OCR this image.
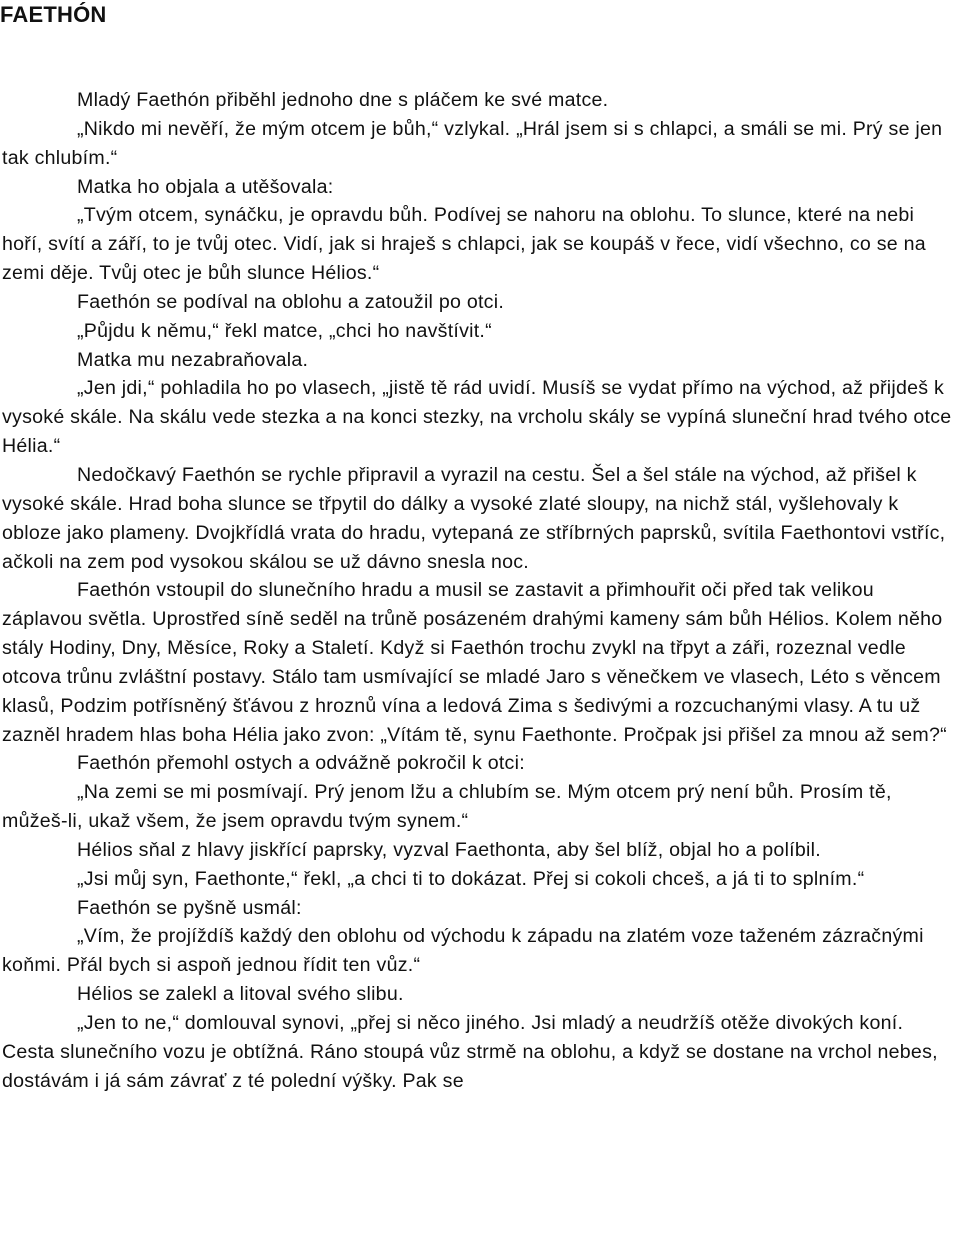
FAETHÓN

Mladý Faethón přiběhl jednoho dne s pláčem ke své matce.

„Nikdo mi nevěří, že mým otcem je bůh,“ vzlykal. „Hrál jsem si s chlapci, a smáli se mi. Prý se jen tak chlubím.“

Matka ho objala a utěšovala:

„Tvým otcem, synáčku, je opravdu bůh. Podívej se nahoru na oblohu. To slunce, které na nebi hoří, svítí a září, to je tvůj otec. Vidí, jak si hraješ s chlapci, jak se koupáš v řece, vidí všechno, co se na zemi děje. Tvůj otec je bůh slunce Hélios.“

Faethón se podíval na oblohu a zatoužil po otci.

„Půjdu k němu,“ řekl matce, „chci ho navštívit.“

Matka mu nezabraňovala.

„Jen jdi,“ pohladila ho po vlasech, „jistě tě rád uvidí. Musíš se vydat přímo na východ, až přijdeš k vysoké skále. Na skálu vede stezka a na konci stezky, na vrcholu skály se vypíná sluneční hrad tvého otce Hélia.“

Nedočkavý Faethón se rychle připravil a vyrazil na cestu. Šel a šel stále na východ, až přišel k vysoké skále. Hrad boha slunce se třpytil do dálky a vysoké zlaté sloupy, na nichž stál, vyšlehovaly k obloze jako plameny. Dvojkřídlá vrata do hradu, vytepaná ze stříbrných paprsků, svítila Faethontovi vstříc, ačkoli na zem pod vysokou skálou se už dávno snesla noc.

Faethón vstoupil do slunečního hradu a musil se zastavit a přimhouřit oči před tak velikou záplavou světla. Uprostřed síně seděl na trůně posázeném drahými kameny sám bůh Hélios. Kolem něho stály Hodiny, Dny, Měsíce, Roky a Staletí. Když si Faethón trochu zvykl na třpyt a záři, rozeznal vedle otcova trůnu zvláštní postavy. Stálo tam usmívající se mladé Jaro s věnečkem ve vlasech, Léto s věncem klasů, Podzim potřísněný šťávou z hroznů vína a ledová Zima s šedivými a rozcuchanými vlasy. A tu už zazněl hradem hlas boha Hélia jako zvon: „Vítám tě, synu Faethonte. Pročpak jsi přišel za mnou až sem?“

Faethón přemohl ostych a odvážně pokročil k otci:

„Na zemi se mi posmívají. Prý jenom lžu a chlubím se. Mým otcem prý není bůh. Prosím tě, můžeš-li, ukaž všem, že jsem opravdu tvým synem.“

Hélios sňal z hlavy jiskřící paprsky, vyzval Faethonta, aby šel blíž, objal ho a políbil.

„Jsi můj syn, Faethonte,“ řekl, „a chci ti to dokázat. Přej si cokoli chceš, a já ti to splním.“

Faethón se pyšně usmál:

„Vím, že projíždíš každý den oblohu od východu k západu na zlatém voze taženém zázračnými koňmi. Přál bych si aspoň jednou řídit ten vůz.“

Hélios se zalekl a litoval svého slibu.

„Jen to ne,“ domlouval synovi, „přej si něco jiného. Jsi mladý a neudržíš otěže divokých koní. Cesta slunečního vozu je obtížná. Ráno stoupá vůz strmě na oblohu, a když se dostane na vrchol nebes, dostávám i já sám závrať z té polední výšky. Pak se
